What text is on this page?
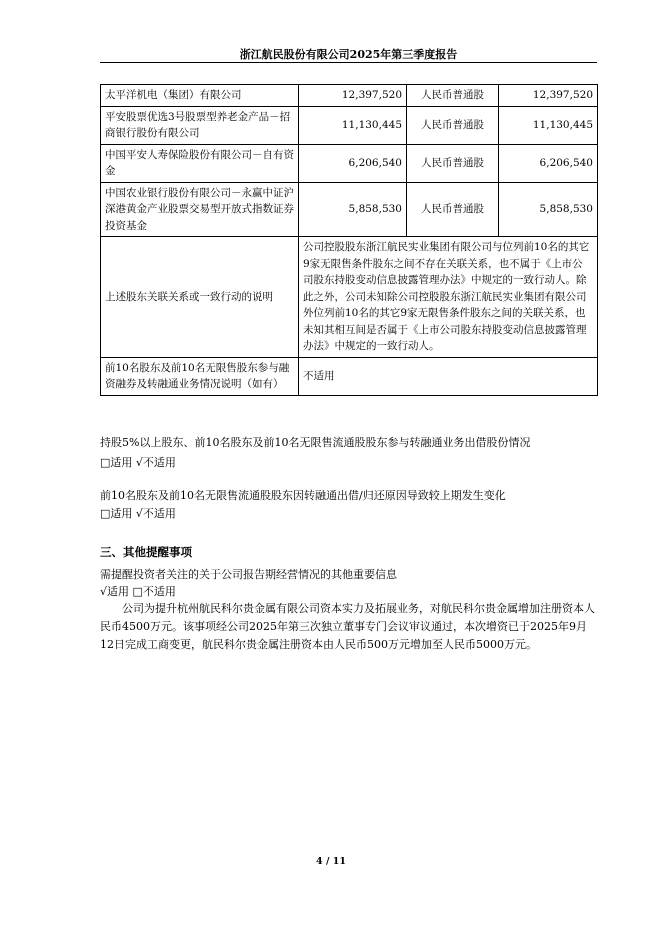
浙江航民股份有限公司2025年第三季度报告
太平洋机电（集团）有限公司	12,397,520	人民币普通股	12,397,520
平安股票优选3号股票型养老金产品－招商银行股份有限公司	11,130,445	人民币普通股	11,130,445
中国平安人寿保险股份有限公司－自有资金	6,206,540	人民币普通股	6,206,540
中国农业银行股份有限公司－永赢中证沪深港黄金产业股票交易型开放式指数证券投资基金	5,858,530	人民币普通股	5,858,530
上述股东关联关系或一致行动的说明	公司控股股东浙江航民实业集团有限公司与位列前10名的其它9家无限售条件股东之间不存在关联关系，也不属于《上市公司股东持股变动信息披露管理办法》中规定的一致行动人。除此之外，公司未知除公司控股股东浙江航民实业集团有限公司外位列前10名的其它9家无限售条件股东之间的关联关系，也未知其相互间是否属于《上市公司股东持股变动信息披露管理办法》中规定的一致行动人。		
前10名股东及前10名无限售股东参与融资融券及转融通业务情况说明（如有）	不适用		
持股5%以上股东、前10名股东及前10名无限售流通股股东参与转融通业务出借股份情况
□适用 √不适用
前10名股东及前10名无限售流通股股东因转融通出借/归还原因导致较上期发生变化
□适用 √不适用
三、其他提醒事项
需提醒投资者关注的关于公司报告期经营情况的其他重要信息
√适用 □不适用
公司为提升杭州航民科尔贵金属有限公司资本实力及拓展业务，对航民科尔贵金属增加注册资本人民币4500万元。该事项经公司2025年第三次独立董事专门会议审议通过，本次增资已于2025年9月12日完成工商变更，航民科尔贵金属注册资本由人民币500万元增加至人民币5000万元。
4 / 11
